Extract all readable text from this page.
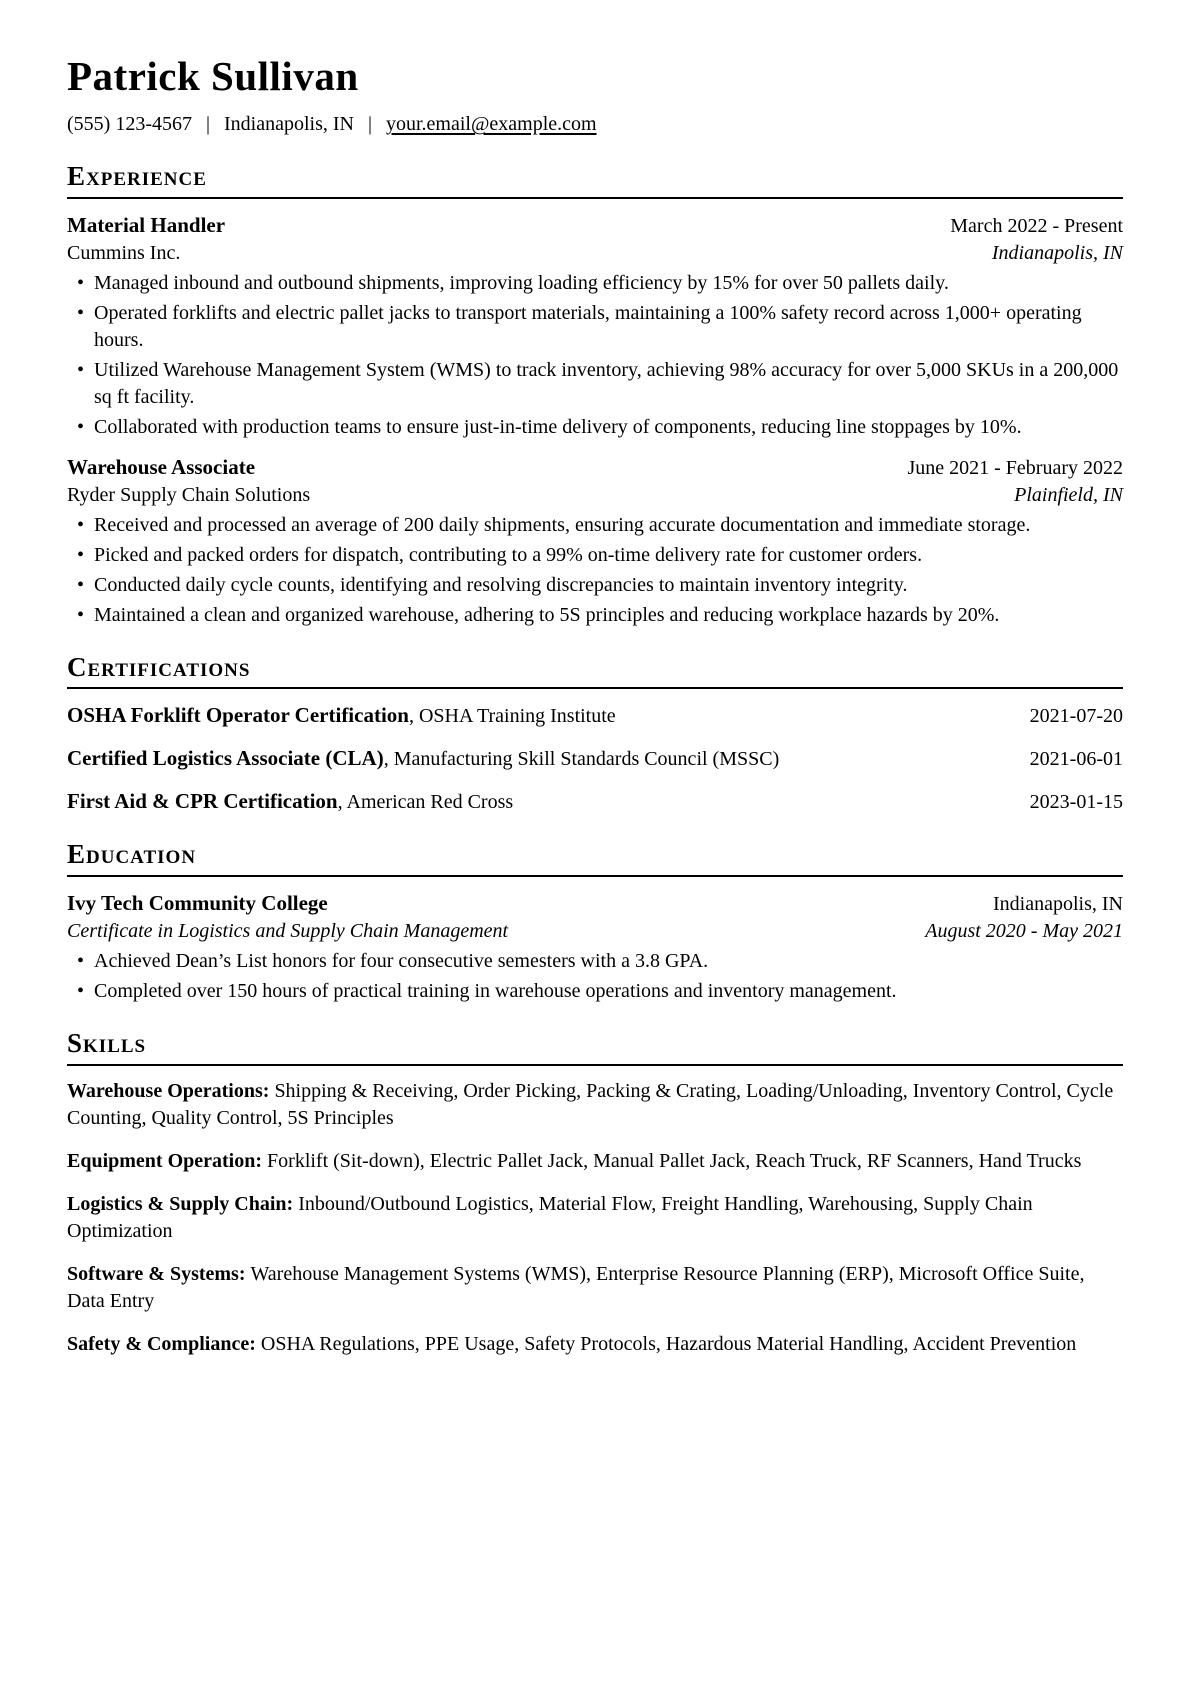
Patrick Sullivan
(555) 123-4567 | Indianapolis, IN | your.email@example.com
Experience
Material Handler	March 2022 - Present
Cummins Inc.	Indianapolis, IN
• Managed inbound and outbound shipments, improving loading efficiency by 15% for over 50 pallets daily.
• Operated forklifts and electric pallet jacks to transport materials, maintaining a 100% safety record across 1,000+ operating hours.
• Utilized Warehouse Management System (WMS) to track inventory, achieving 98% accuracy for over 5,000 SKUs in a 200,000 sq ft facility.
• Collaborated with production teams to ensure just-in-time delivery of components, reducing line stoppages by 10%.
Warehouse Associate	June 2021 - February 2022
Ryder Supply Chain Solutions	Plainfield, IN
• Received and processed an average of 200 daily shipments, ensuring accurate documentation and immediate storage.
• Picked and packed orders for dispatch, contributing to a 99% on-time delivery rate for customer orders.
• Conducted daily cycle counts, identifying and resolving discrepancies to maintain inventory integrity.
• Maintained a clean and organized warehouse, adhering to 5S principles and reducing workplace hazards by 20%.
Certifications
OSHA Forklift Operator Certification , OSHA Training Institute	2021-07-20
Certified Logistics Associate (CLA) , Manufacturing Skill Standards Council (MSSC)	2021-06-01
First Aid & CPR Certification , American Red Cross	2023-01-15
Education
Ivy Tech Community College	Indianapolis, IN
Certificate in Logistics and Supply Chain Management	August 2020 - May 2021
• Achieved Dean’s List honors for four consecutive semesters with a 3.8 GPA.
• Completed over 150 hours of practical training in warehouse operations and inventory management.
Skills

Warehouse Operations : Shipping & Receiving, Order Picking, Packing & Crating, Loading/Unloading, Inventory Control, Cycle Counting, Quality Control, 5S Principles

Equipment Operation : Forklift (Sit-down), Electric Pallet Jack, Manual Pallet Jack, Reach Truck, RF Scanners, Hand Trucks

Logistics & Supply Chain : Inbound/Outbound Logistics, Material Flow, Freight Handling, Warehousing, Supply Chain Optimization

Software & Systems : Warehouse Management Systems (WMS), Enterprise Resource Planning (ERP), Microsoft Office Suite, Data Entry

Safety & Compliance : OSHA Regulations, PPE Usage, Safety Protocols, Hazardous Material Handling, Accident Prevention
